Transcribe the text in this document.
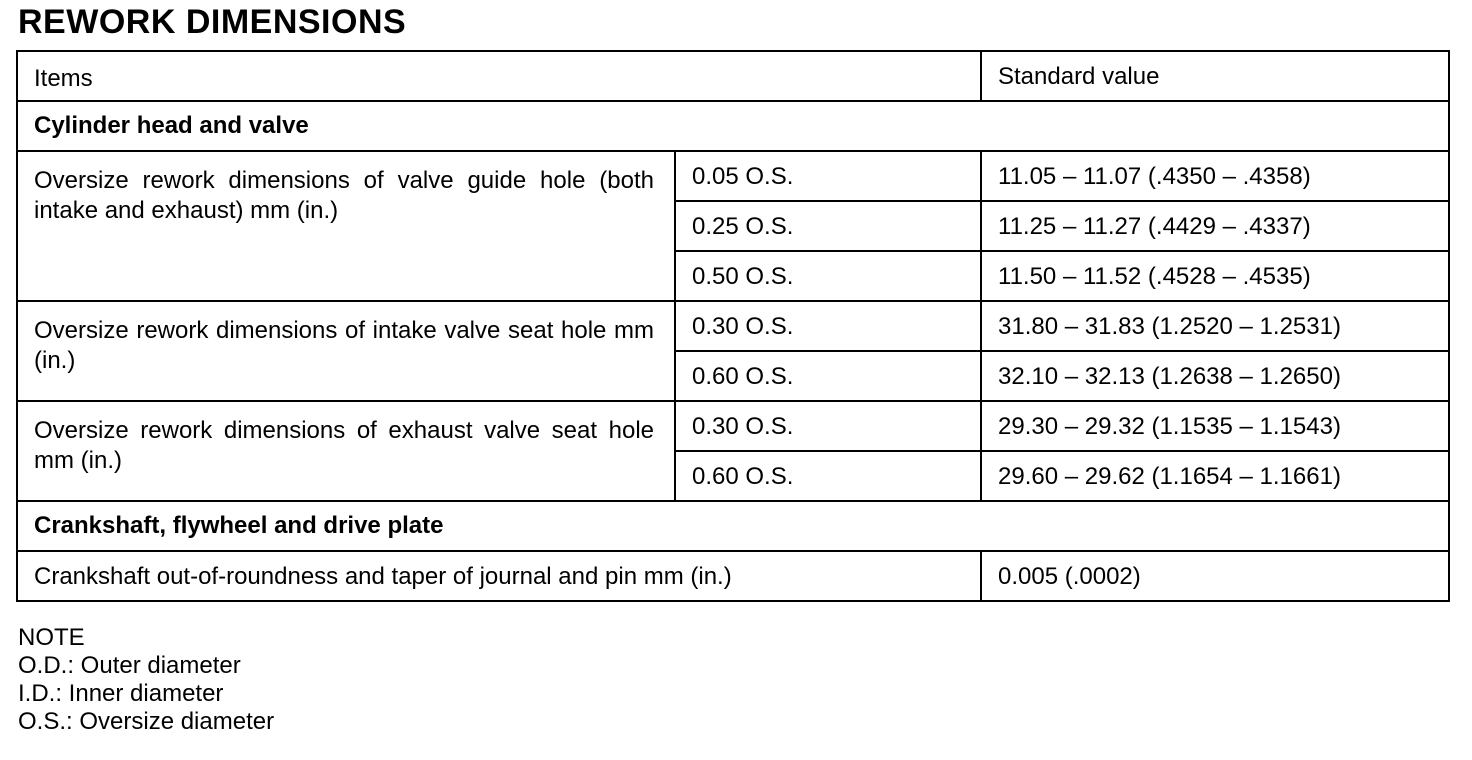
REWORK DIMENSIONS
Items		Standard value
Cylinder head and valve		
Oversize rework dimensions of valve guide hole (both intake and exhaust) mm (in.)	0.05 O.S.	11.05 – 11.07 (.4350 – .4358)
	0.25 O.S.	11.25 – 11.27 (.4429 – .4337)
	0.50 O.S.	11.50 – 11.52 (.4528 – .4535)
Oversize rework dimensions of intake valve seat hole mm (in.)	0.30 O.S.	31.80 – 31.83 (1.2520 – 1.2531)
	0.60 O.S.	32.10 – 32.13 (1.2638 – 1.2650)
Oversize rework dimensions of exhaust valve seat hole mm (in.)	0.30 O.S.	29.30 – 29.32 (1.1535 – 1.1543)
	0.60 O.S.	29.60 – 29.62 (1.1654 – 1.1661)
Crankshaft, flywheel and drive plate		
Crankshaft out-of-roundness and taper of journal and pin mm (in.)		0.005 (.0002)
NOTE
O.D.: Outer diameter
I.D.: Inner diameter
O.S.: Oversize diameter
